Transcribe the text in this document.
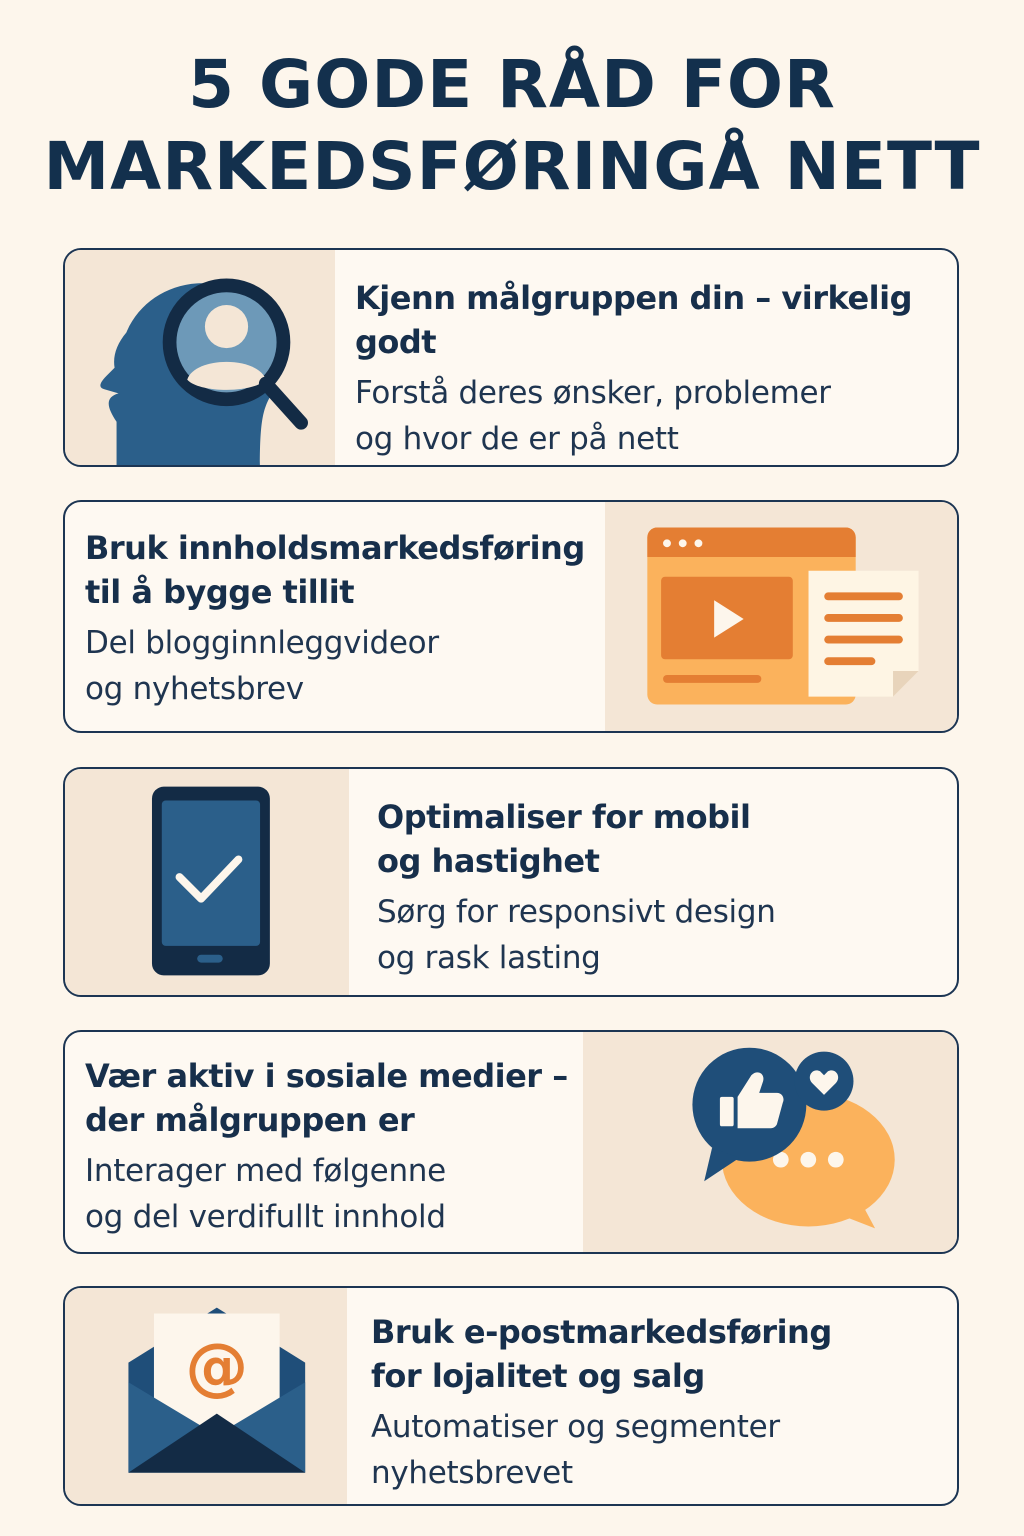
5 GODE RÅD FOR
MARKEDSFØRINGÅ NETT
Kjenn målgruppen din – virkelig godt
Forstå deres ønsker, problemer
og hvor de er på nett
Bruk innholdsmarkedsføring
til å bygge tillit
Del blogginnleggvideor
og nyhetsbrev
Optimaliser for mobil
og hastighet
Sørg for responsivt design
og rask lasting
Vær aktiv i sosiale medier –
der målgruppen er
Interager med følgenne
og del verdifullt innhold
@	Bruk e-postmarkedsføring
for lojalitet og salg
Automatiser og segmenter
nyhetsbrevet
